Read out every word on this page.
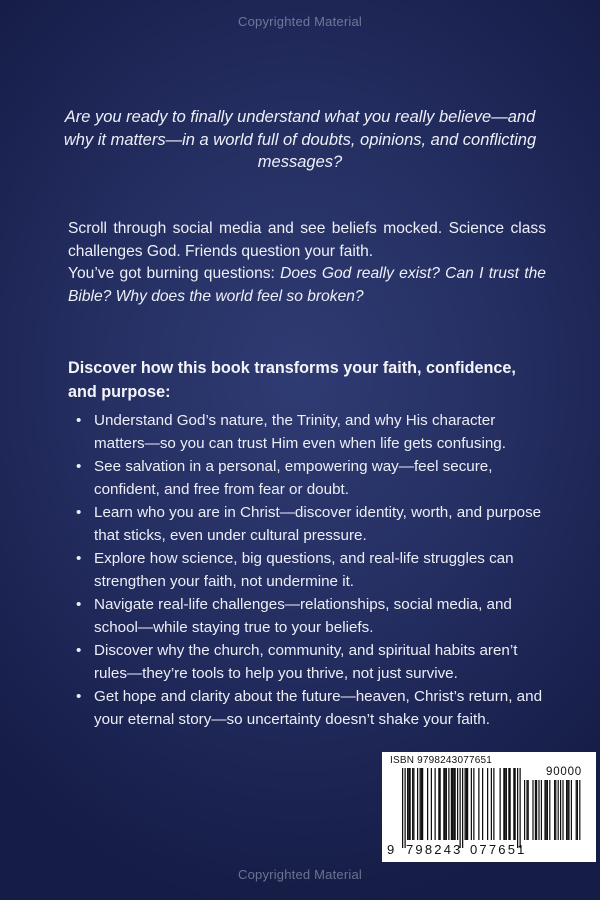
Copyrighted Material
Are you ready to finally understand what you really believe—and why it matters—in a world full of doubts, opinions, and conflicting messages?

Scroll through social media and see beliefs mocked. Science class challenges God. Friends question your faith.

You’ve got burning questions: Does God really exist? Can I trust the Bible? Why does the world feel so broken?

Discover how this book transforms your faith, confidence, and purpose:
• Understand God’s nature, the Trinity, and why His character matters—so you can trust Him even when life gets confusing.
• See salvation in a personal, empowering way—feel secure, confident, and free from fear or doubt.
• Learn who you are in Christ—discover identity, worth, and purpose that sticks, even under cultural pressure.
• Explore how science, big questions, and real-life struggles can strengthen your faith, not undermine it.
• Navigate real-life challenges—relationships, social media, and school—while staying true to your beliefs.
• Discover why the church, community, and spiritual habits aren’t rules—they’re tools to help you thrive, not just survive.
• Get hope and clarity about the future—heaven, Christ’s return, and your eternal story—so uncertainty doesn’t shake your faith.
ISBN 9798243077651
90000
9 798243 077651
Copyrighted Material
